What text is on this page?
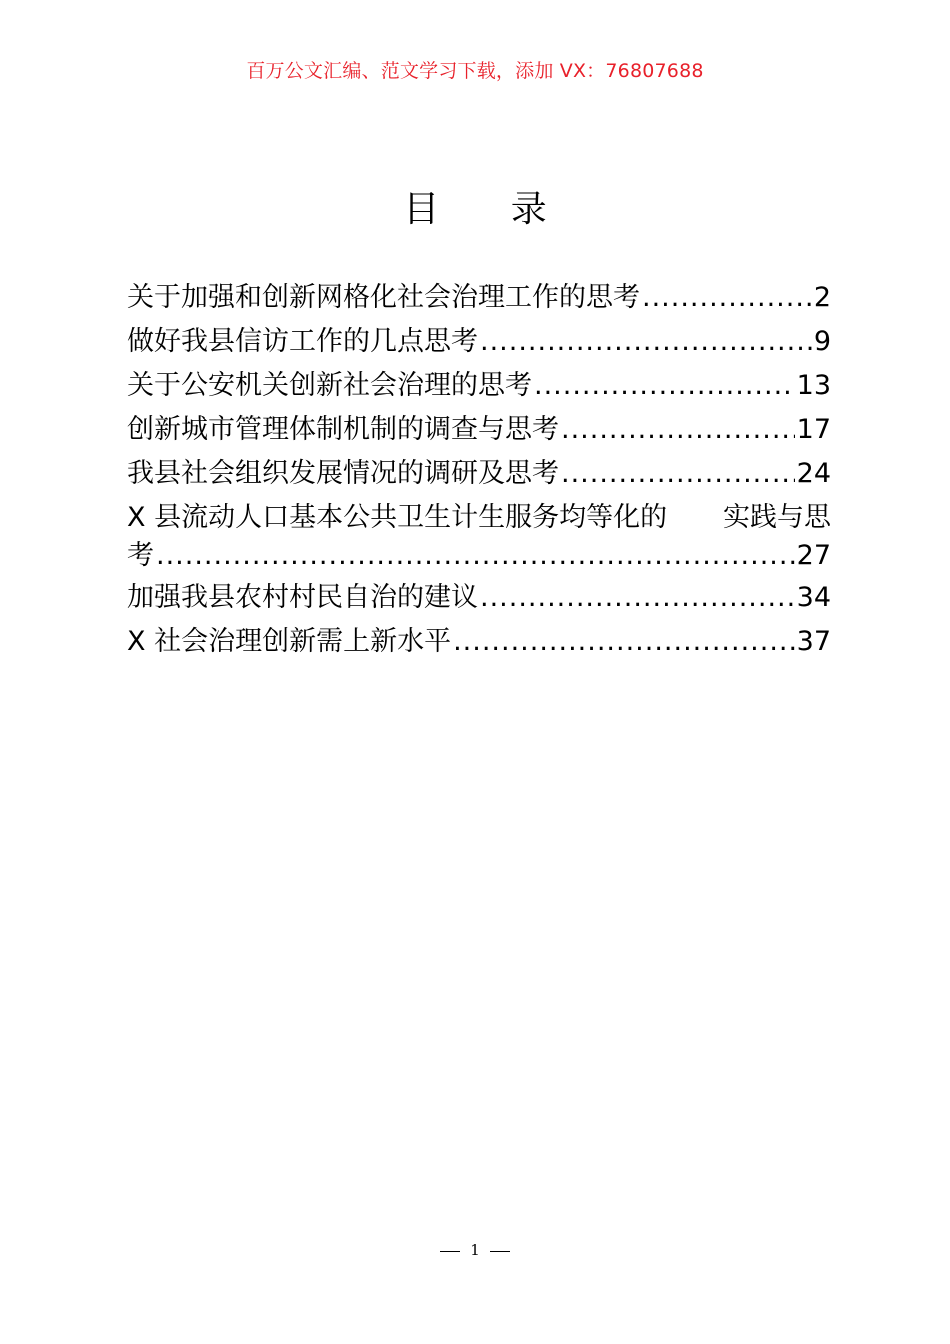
百万公文汇编、范文学习下载，添加 VX：76807688
目 录
关于加强和创新网格化社会治理工作的思考 .....	2
做好我县信访工作的几点思考 .....	9
关于公安机关创新社会治理的思考 .....	13
创新城市管理体制机制的调查与思考 .....	17
我县社会组织发展情况的调研及思考 .....	24
X 县流动人口基本公共卫生计生服务均等化的 实践与思
考 .....	27
加强我县农村村民自治的建议 .....	34
X 社会治理创新需上新水平 .....	37
1
